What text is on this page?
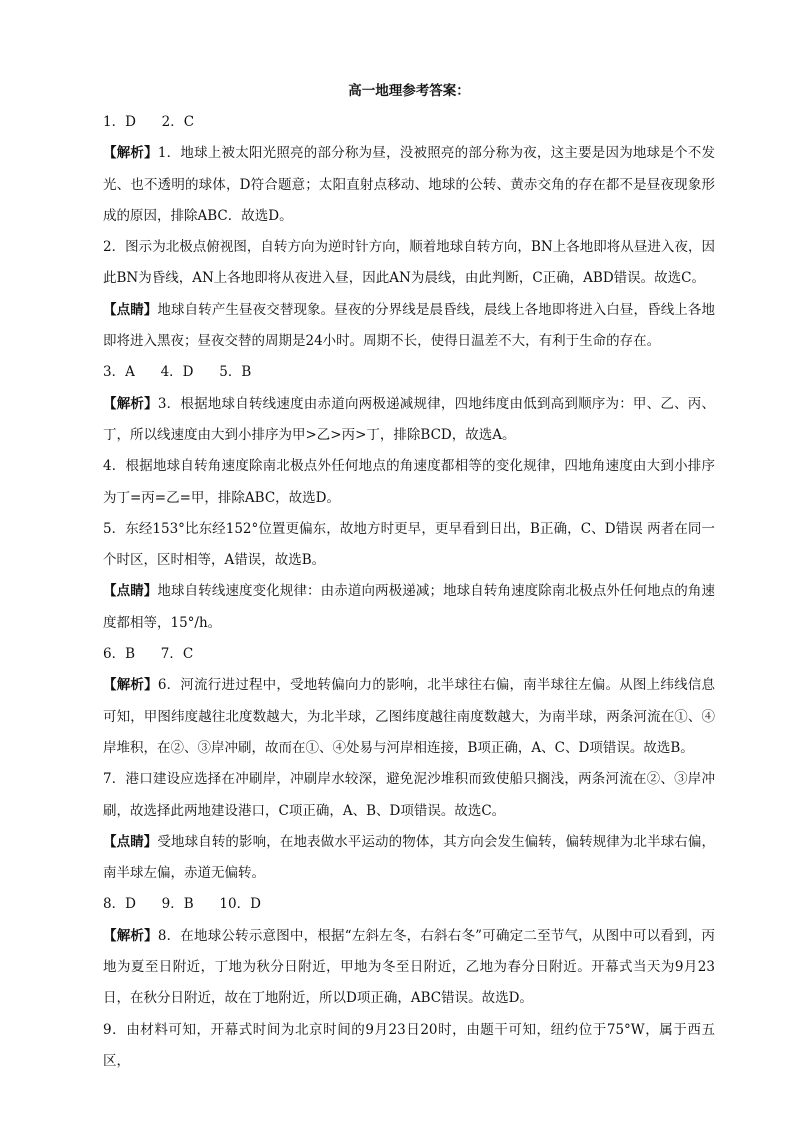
高一地理参考答案：
1．D      2．C

【解析】1．地球上被太阳光照亮的部分称为昼，没被照亮的部分称为夜，这主要是因为地球是个不发光、也不透明的球体，D符合题意；太阳直射点移动、地球的公转、黄赤交角的存在都不是昼夜现象形成的原因，排除ABC．故选D。

2．图示为北极点俯视图，自转方向为逆时针方向，顺着地球自转方向，BN上各地即将从昼进入夜，因此BN为昏线，AN上各地即将从夜进入昼，因此AN为晨线，由此判断，C正确，ABD错误。故选C。

【点睛】地球自转产生昼夜交替现象。昼夜的分界线是晨昏线，晨线上各地即将进入白昼，昏线上各地即将进入黑夜；昼夜交替的周期是24小时。周期不长，使得日温差不大，有利于生命的存在。

3．A      4．D      5．B

【解析】3．根据地球自转线速度由赤道向两极递减规律，四地纬度由低到高到顺序为：甲、乙、丙、丁，所以线速度由大到小排序为甲>乙>丙>丁，排除BCD，故选A。

4．根据地球自转角速度除南北极点外任何地点的角速度都相等的变化规律，四地角速度由大到小排序为丁=丙=乙=甲，排除ABC，故选D。

5．东经153°比东经152°位置更偏东，故地方时更早，更早看到日出，B正确，C、D错误 两者在同一个时区，区时相等，A错误，故选B。

【点睛】地球自转线速度变化规律：由赤道向两极递减；地球自转角速度除南北极点外任何地点的角速度都相等，15°/h。

6．B      7．C

【解析】6．河流行进过程中，受地转偏向力的影响，北半球往右偏，南半球往左偏。从图上纬线信息可知，甲图纬度越往北度数越大，为北半球，乙图纬度越往南度数越大，为南半球，两条河流在①、④岸堆积，在②、③岸冲刷，故而在①、④处易与河岸相连接，B项正确，A、C、D项错误。故选B。

7．港口建设应选择在冲刷岸，冲刷岸水较深，避免泥沙堆积而致使船只搁浅，两条河流在②、③岸冲刷，故选择此两地建设港口，C项正确，A、B、D项错误。故选C。

【点睛】受地球自转的影响，在地表做水平运动的物体，其方向会发生偏转，偏转规律为北半球右偏，南半球左偏，赤道无偏转。

8．D      9．B      10．D

【解析】8．在地球公转示意图中，根据“左斜左冬，右斜右冬”可确定二至节气，从图中可以看到，丙地为夏至日附近，丁地为秋分日附近，甲地为冬至日附近，乙地为春分日附近。开幕式当天为9月23日，在秋分日附近，故在丁地附近，所以D项正确，ABC错误。故选D。

9．由材料可知，开幕式时间为北京时间的9月23日20时，由题干可知，纽约位于75°W，属于西五区，
